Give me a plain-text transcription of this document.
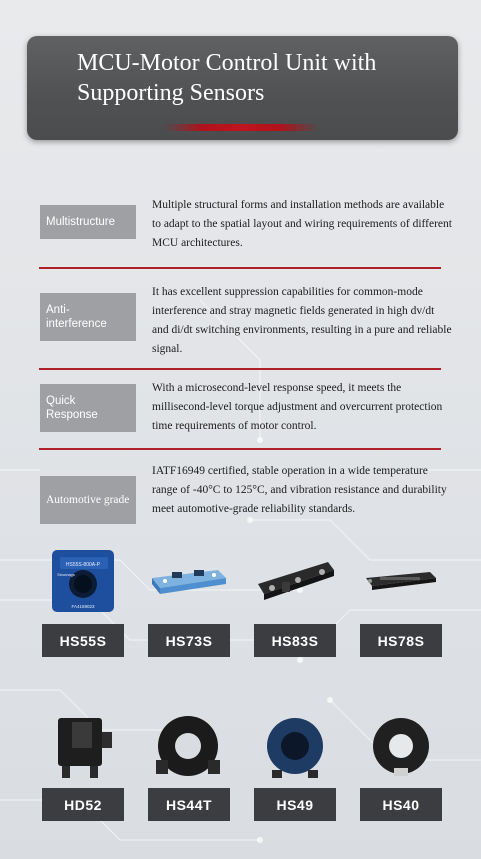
MCU-Motor Control Unit with Supporting Sensors
Multistructure
Multiple structural forms and installation methods are available to adapt to the spatial layout and wiring requirements of different MCU architectures.
Anti-interference
It has excellent suppression capabilities for common-mode interference and stray magnetic fields generated in high dv/dt and di/dt switching environments, resulting in a pure and reliable signal.
Quick Response
With a microsecond-level response speed, it meets the millisecond-level torque adjustment and overcurrent protection time requirements of motor control.
Automotive grade
IATF16949 certified, stable operation in a wide temperature range of -40°C to 125°C, and vibration resistance and durability meet automotive-grade reliability standards.
HS55S-800A-P
FA4169023
Sinomags
HS55S	HS73S	HS83S	HS78S
HD52	HS44T	HS49	HS40
